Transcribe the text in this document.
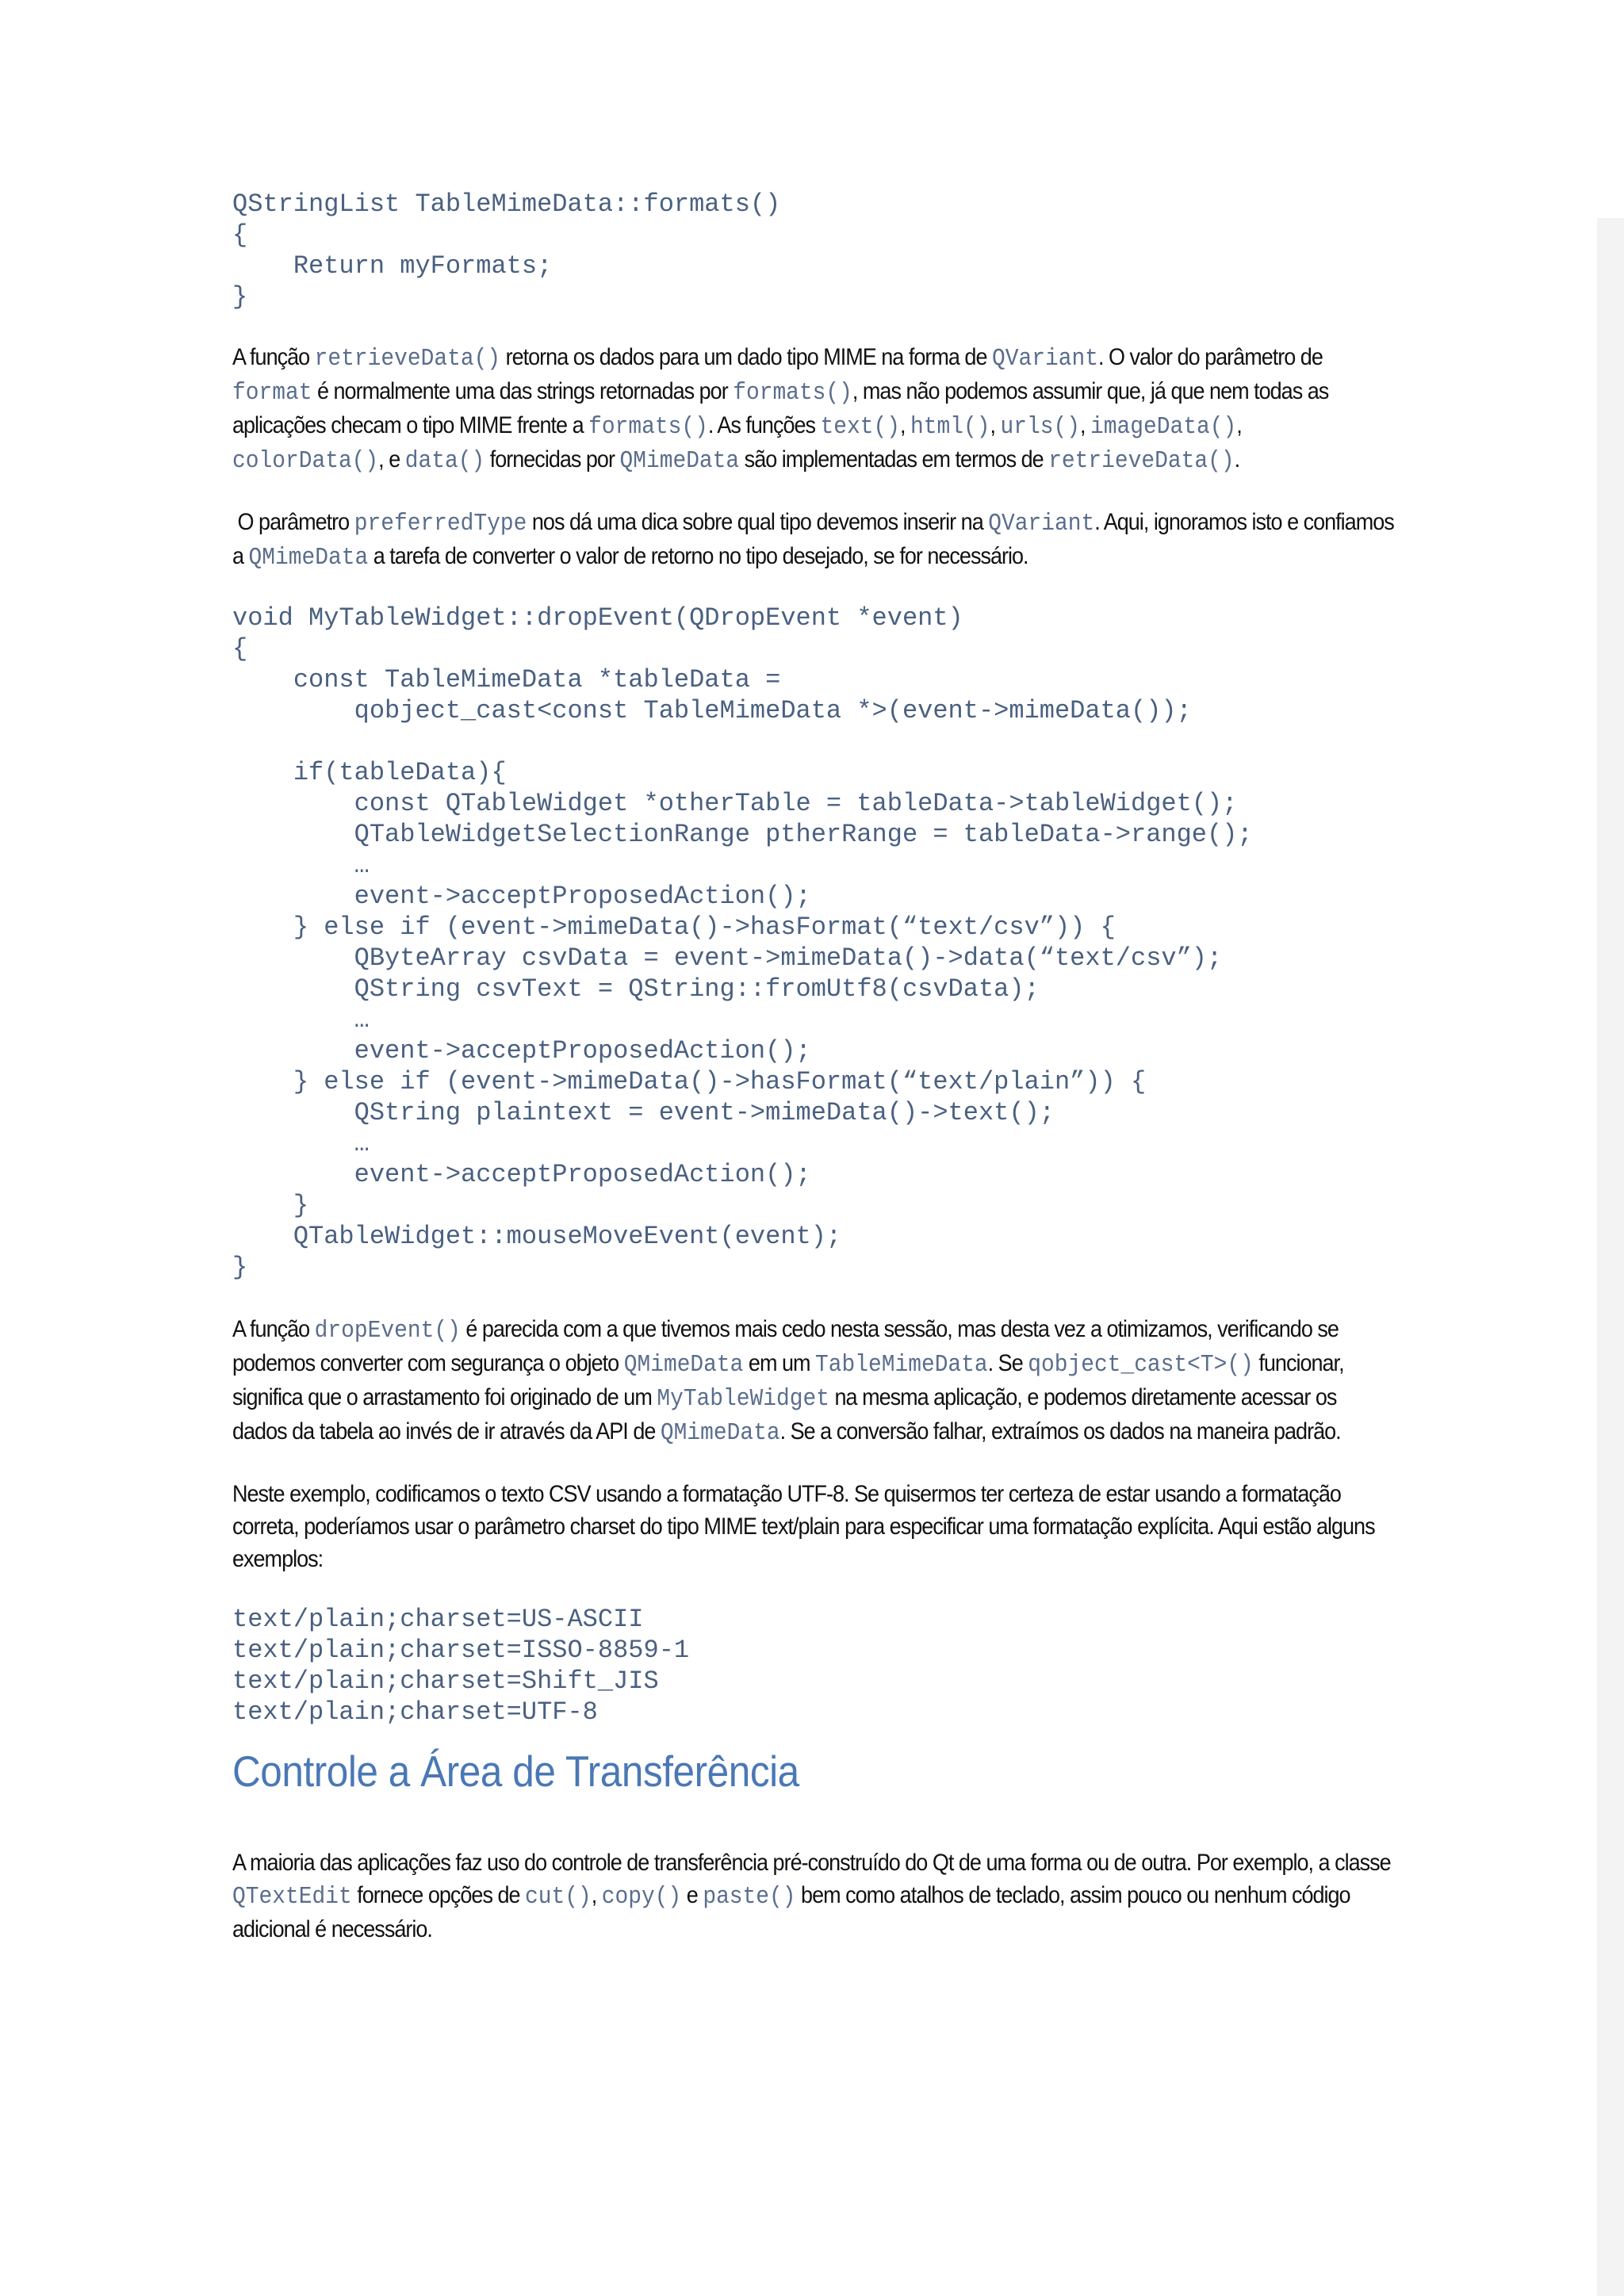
QStringList TableMimeData::formats()
{
	Return myFormats;
}

A função retrieveData() retorna os dados para um dado tipo MIME na forma de QVariant. O valor do parâmetro de format é normalmente uma das strings retornadas por formats(), mas não podemos assumir que, já que nem todas as aplicações checam o tipo MIME frente a formats(). As funções text(), html(), urls(), imageData(), colorData(), e data() fornecidas por QMimeData são implementadas em termos de retrieveData().

O parâmetro preferredType nos dá uma dica sobre qual tipo devemos inserir na QVariant. Aqui, ignoramos isto e confiamos a QMimeData a tarefa de converter o valor de retorno no tipo desejado, se for necessário.

void MyTableWidget::dropEvent(QDropEvent *event)
{
	const TableMimeData *tableData =
		qobject_cast<const TableMimeData *>(event->mimeData());

	if(tableData){
		const QTableWidget *otherTable = tableData->tableWidget();
		QTableWidgetSelectionRange ptherRange = tableData->range();
		…
		event->acceptProposedAction();
	} else if (event->mimeData()->hasFormat(“text/csv”)) {
		QByteArray csvData = event->mimeData()->data(“text/csv”);
		QString csvText = QString::fromUtf8(csvData);
		…
		event->acceptProposedAction();
	} else if (event->mimeData()->hasFormat(“text/plain”)) {
		QString plaintext = event->mimeData()->text();
		…
		event->acceptProposedAction();
	}
	QTableWidget::mouseMoveEvent(event);
}

A função dropEvent() é parecida com a que tivemos mais cedo nesta sessão, mas desta vez a otimizamos, verificando se podemos converter com segurança o objeto QMimeData em um TableMimeData. Se qobject_cast<T>() funcionar, significa que o arrastamento foi originado de um MyTableWidget na mesma aplicação, e podemos diretamente acessar os dados da tabela ao invés de ir através da API de QMimeData. Se a conversão falhar, extraímos os dados na maneira padrão.

Neste exemplo, codificamos o texto CSV usando a formatação UTF-8. Se quisermos ter certeza de estar usando a formatação correta, poderíamos usar o parâmetro charset do tipo MIME text/plain para especificar uma formatação explícita. Aqui estão alguns exemplos:

text/plain;charset=US-ASCII
text/plain;charset=ISSO-8859-1
text/plain;charset=Shift_JIS
text/plain;charset=UTF-8
Controle a Área de Transferência

A maioria das aplicações faz uso do controle de transferência pré-construído do Qt de uma forma ou de outra. Por exemplo, a classe QTextEdit fornece opções de cut(), copy() e paste() bem como atalhos de teclado, assim pouco ou nenhum código adicional é necessário.
